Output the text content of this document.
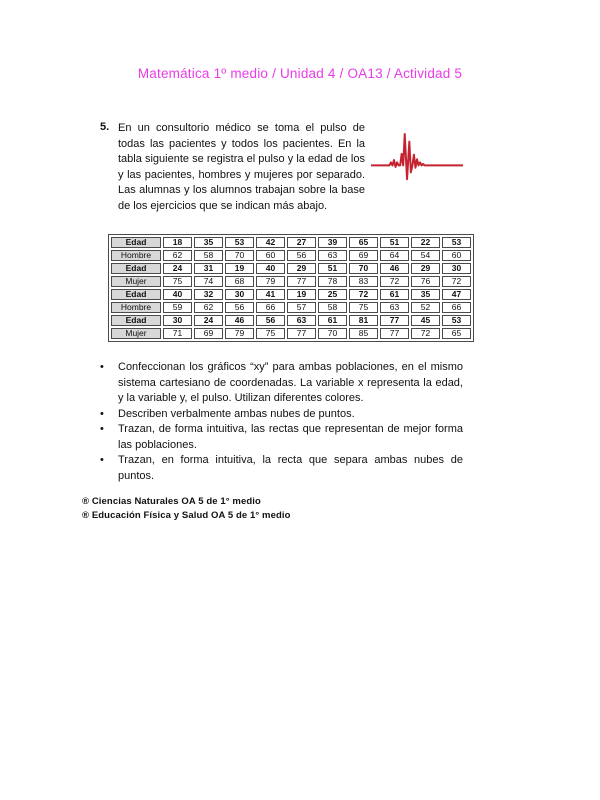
Matemática 1º medio / Unidad 4 / OA13 / Actividad 5
5. En un consultorio médico se toma el pulso de todas las pacientes y todos los pacientes. En la tabla siguiente se registra el pulso y la edad de los y las pacientes, hombres y mujeres por separado. Las alumnas y los alumnos trabajan sobre la base de los ejercicios que se indican más abajo.
Edad	18	35	53	42	27	39	65	51	22	53
Hombre	62	58	70	60	56	63	69	64	54	60
Edad	24	31	19	40	29	51	70	46	29	30
Mujer	75	74	68	79	77	78	83	72	76	72
Edad	40	32	30	41	19	25	72	61	35	47
Hombre	59	62	56	66	57	58	75	63	52	66
Edad	30	24	46	56	63	61	81	77	45	53
Mujer	71	69	79	75	77	70	85	77	72	65
•	Confeccionan los gráficos “xy” para ambas poblaciones, en el mismo sistema cartesiano de coordenadas. La variable x representa la edad, y la variable y, el pulso. Utilizan diferentes colores.
•	Describen verbalmente ambas nubes de puntos.
•	Trazan, de forma intuitiva, las rectas que representan de mejor forma las poblaciones.
•	Trazan, en forma intuitiva, la recta que separa ambas nubes de puntos.
® Ciencias Naturales OA 5 de 1° medio
® Educación Física y Salud OA 5 de 1° medio
